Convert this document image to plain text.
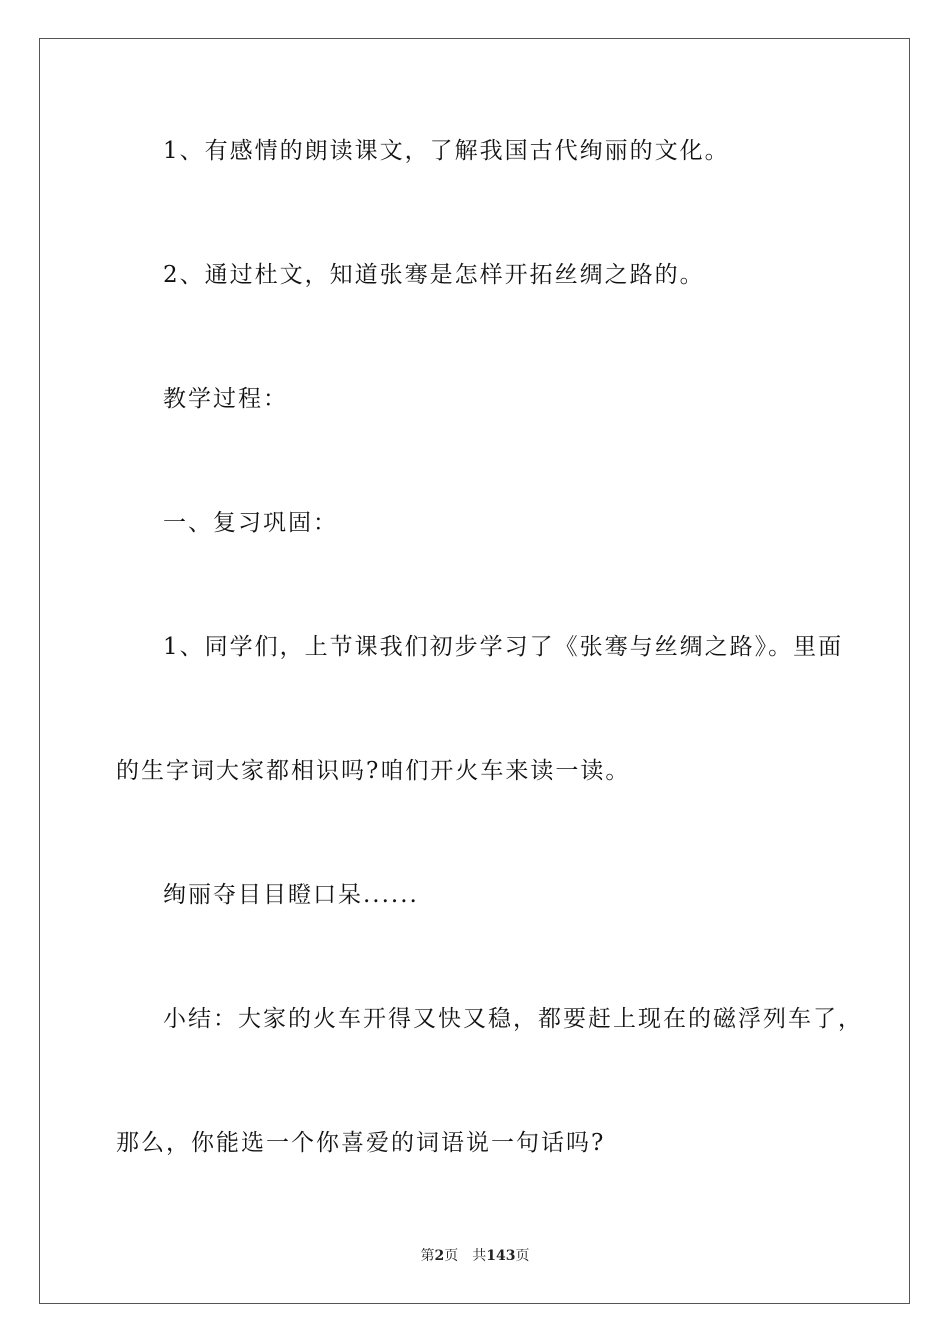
1、有感情的朗读课文，了解我国古代绚丽的文化。
2、通过杜文，知道张骞是怎样开拓丝绸之路的。
教学过程：
一、复习巩固：
1、同学们，上节课我们初步学习了《张骞与丝绸之路》。里面
的生字词大家都相识吗?咱们开火车来读一读。
绚丽夺目目瞪口呆......
小结：大家的火车开得又快又稳，都要赶上现在的磁浮列车了，
那么，你能选一个你喜爱的词语说一句话吗?
第2页 共143页
